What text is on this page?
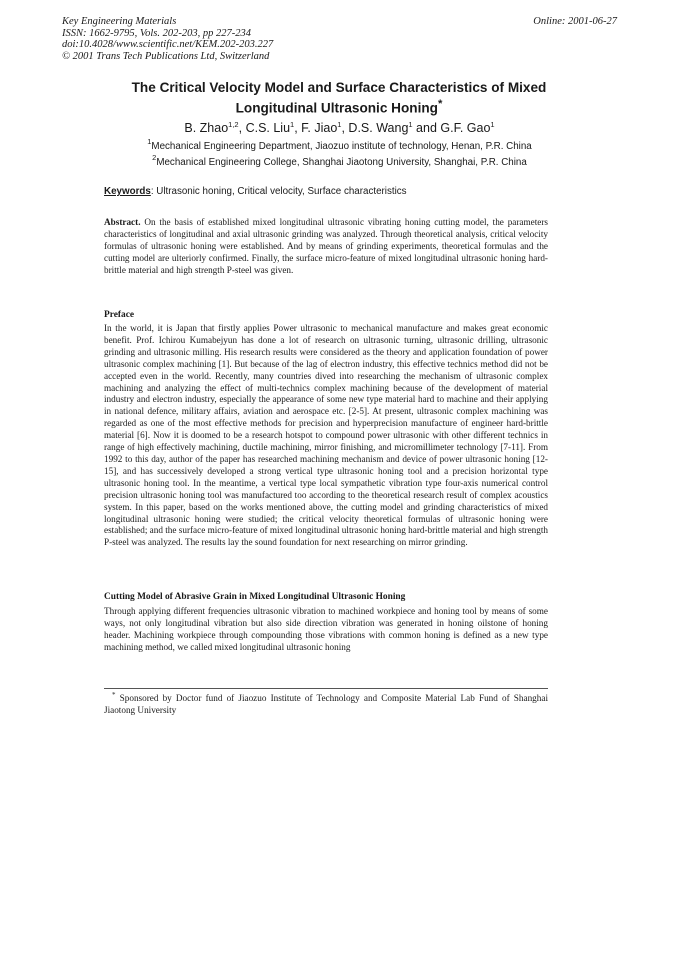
Key Engineering Materials
ISSN: 1662-9795, Vols. 202-203, pp 227-234
doi:10.4028/www.scientific.net/KEM.202-203.227
© 2001 Trans Tech Publications Ltd, Switzerland
Online: 2001-06-27
The Critical Velocity Model and Surface Characteristics of Mixed
Longitudinal Ultrasonic Honing*
B. Zhao$^{1,2}$, C.S. Liu$^1$, F. Jiao$^1$, D.S. Wang$^1$ and G.F. Gao$^1$
$^1$Mechanical Engineering Department, Jiaozuo institute of technology, Henan, P.R. China
$^2$Mechanical Engineering College, Shanghai Jiaotong University, Shanghai, P.R. China
Keywords: Ultrasonic honing, Critical velocity, Surface characteristics
Abstract. On the basis of established mixed longitudinal ultrasonic vibrating honing cutting model, the parameters characteristics of longitudinal and axial ultrasonic grinding was analyzed. Through theoretical analysis, critical velocity formulas of ultrasonic honing were established. And by means of grinding experiments, theoretical formulas and the cutting model are ulteriorly confirmed. Finally, the surface micro-feature of mixed longitudinal ultrasonic honing hard-brittle material and high strength P-steel was given.
Preface
In the world, it is Japan that firstly applies Power ultrasonic to mechanical manufacture and makes great economic benefit. Prof. Ichirou Kumabejyun has done a lot of research on ultrasonic turning, ultrasonic drilling, ultrasonic grinding and ultrasonic milling. His research results were considered as the theory and application foundation of power ultrasonic complex machining [1]. But because of the lag of electron industry, this effective technics method did not be accepted even in the world. Recently, many countries dived into researching the mechanism of ultrasonic complex machining and analyzing the effect of multi-technics complex machining because of the development of material industry and electron industry, especially the appearance of some new type material hard to machine and their applying in national defence, military affairs, aviation and aerospace etc. [2-5]. At present, ultrasonic complex machining was regarded as one of the most effective methods for precision and hyperprecision manufacture of engineer hard-brittle material [6]. Now it is doomed to be a research hotspot to compound power ultrasonic with other different technics in range of high effectively machining, ductile machining, mirror finishing, and micromillimeter technology [7-11]. From 1992 to this day, author of the paper has researched machining mechanism and device of power ultrasonic honing [12-15], and has successively developed a strong vertical type ultrasonic honing tool and a precision horizontal type ultrasonic honing tool. In the meantime, a vertical type local sympathetic vibration type four-axis numerical control precision ultrasonic honing tool was manufactured too according to the theoretical research result of complex acoustics system. In this paper, based on the works mentioned above, the cutting model and grinding characteristics of mixed longitudinal ultrasonic honing were studied; the critical velocity theoretical formulas of ultrasonic honing were established; and the surface micro-feature of mixed longitudinal ultrasonic honing hard-brittle material and high strength P-steel was analyzed. The results lay the sound foundation for next researching on mirror grinding.
Cutting Model of Abrasive Grain in Mixed Longitudinal Ultrasonic Honing
Through applying different frequencies ultrasonic vibration to machined workpiece and honing tool by means of some ways, not only longitudinal vibration but also side direction vibration was generated in honing oilstone of honing header. Machining workpiece through compounding those vibrations with common honing is defined as a new type machining method, we called mixed longitudinal ultrasonic honing
* Sponsored by Doctor fund of Jiaozuo Institute of Technology and Composite Material Lab Fund of Shanghai Jiaotong University
